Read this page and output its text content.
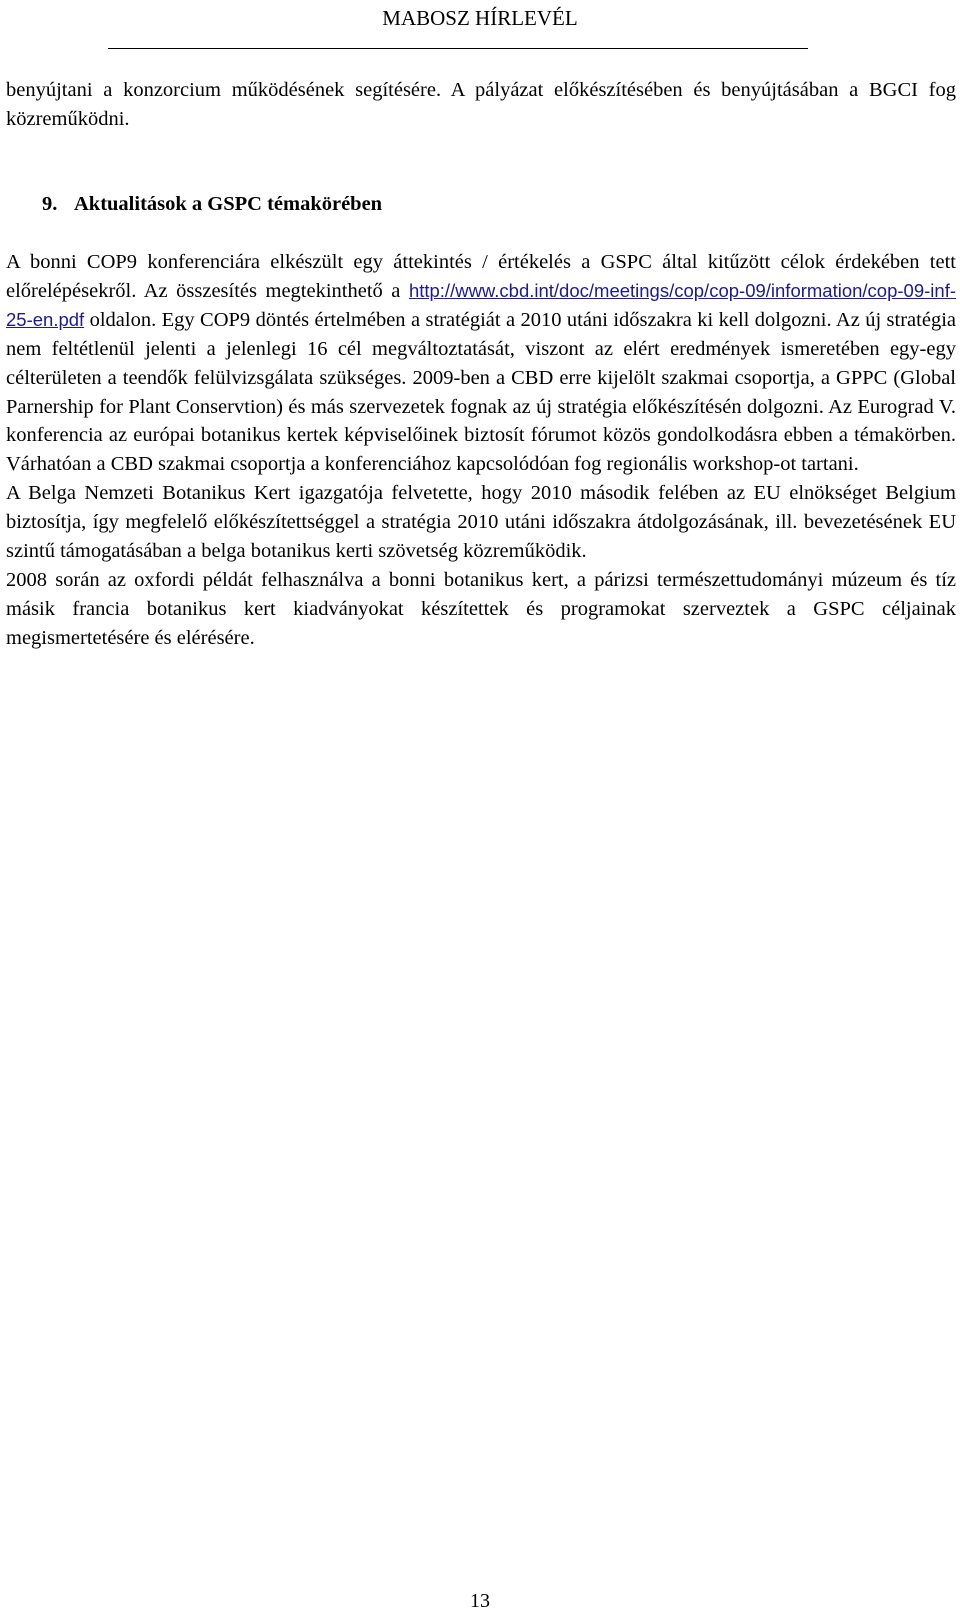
MABOSZ HÍRLEVÉL

benyújtani a konzorcium működésének segítésére. A pályázat előkészítésében és benyújtásában a BGCI fog közreműködni.

9. Aktualitások a GSPC témakörében

A bonni COP9 konferenciára elkészült egy áttekintés / értékelés a GSPC által kitűzött célok érdekében tett előrelépésekről. Az összesítés megtekinthető a http://www.cbd.int/doc/meetings/cop/cop-09/information/cop-09-inf-25-en.pdf oldalon. Egy COP9 döntés értelmében a stratégiát a 2010 utáni időszakra ki kell dolgozni. Az új stratégia nem feltétlenül jelenti a jelenlegi 16 cél megváltoztatását, viszont az elért eredmények ismeretében egy-egy célterületen a teendők felülvizsgálata szükséges. 2009-ben a CBD erre kijelölt szakmai csoportja, a GPPC (Global Parnership for Plant Conservtion) és más szervezetek fognak az új stratégia előkészítésén dolgozni. Az Eurograd V. konferencia az európai botanikus kertek képviselőinek biztosít fórumot közös gondolkodásra ebben a témakörben. Várhatóan a CBD szakmai csoportja a konferenciához kapcsolódóan fog regionális workshop-ot tartani.

A Belga Nemzeti Botanikus Kert igazgatója felvetette, hogy 2010 második felében az EU elnökséget Belgium biztosítja, így megfelelő előkészítettséggel a stratégia 2010 utáni időszakra átdolgozásának, ill. bevezetésének EU szintű támogatásában a belga botanikus kerti szövetség közreműködik.

2008 során az oxfordi példát felhasználva a bonni botanikus kert, a párizsi természettudományi múzeum és tíz másik francia botanikus kert kiadványokat készítettek és programokat szerveztek a GSPC céljainak megismertetésére és elérésére.

13
